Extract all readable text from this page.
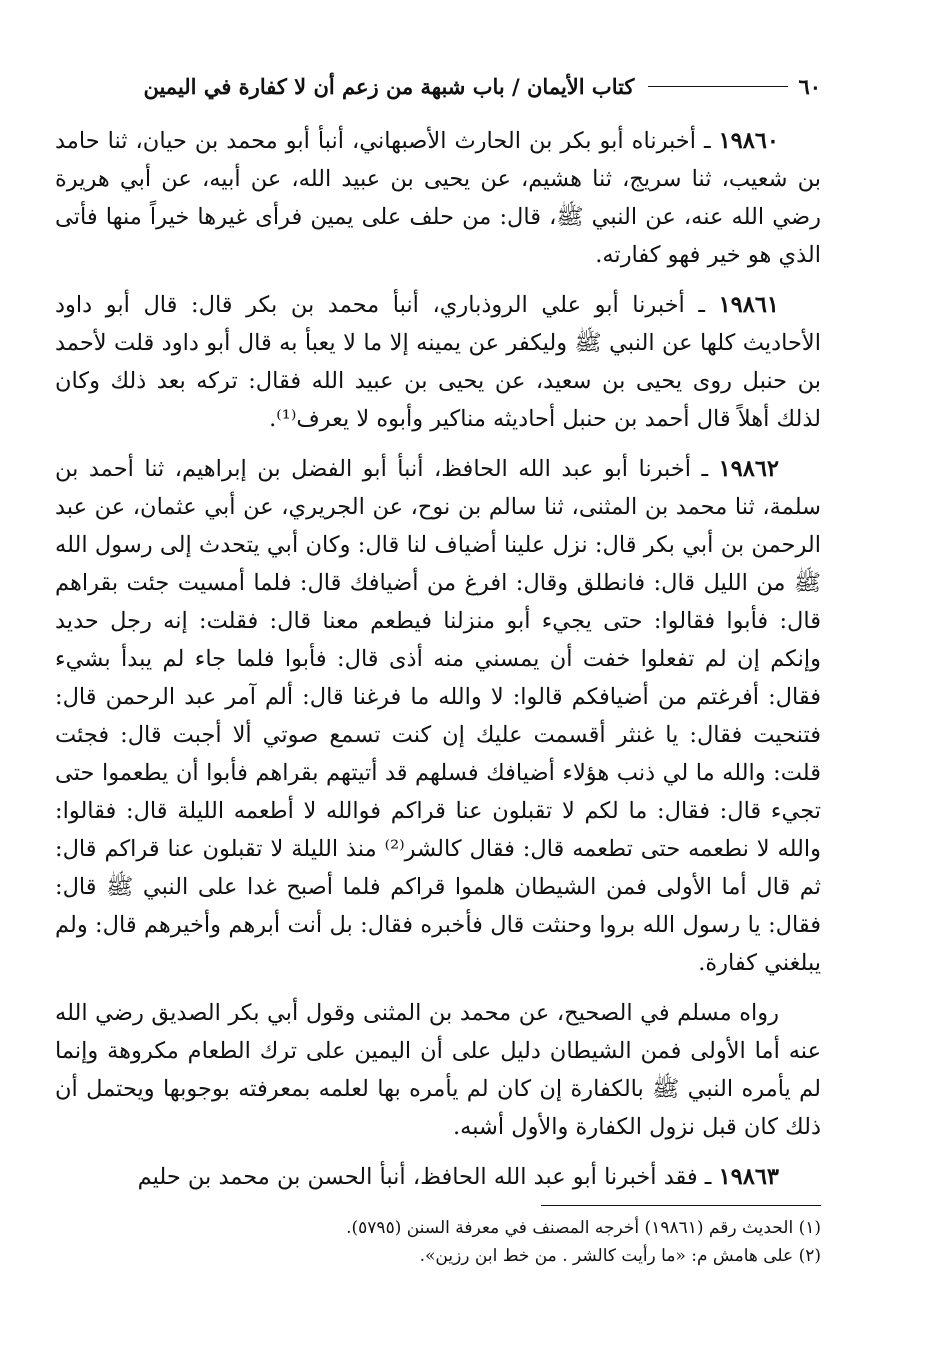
٦٠
كتاب الأيمان / باب شبهة من زعم أن لا كفارة في اليمين

١٩٨٦٠ ـ أخبرناه أبو بكر بن الحارث الأصبهاني، أنبأ أبو محمد بن حيان، ثنا حامد بن شعيب، ثنا سريج، ثنا هشيم، عن يحيى بن عبيد الله، عن أبيه، عن أبي هريرة رضي الله عنه، عن النبي ﷺ، قال: من حلف على يمين فرأى غيرها خيراً منها فأتى الذي هو خير فهو كفارته.

١٩٨٦١ ـ أخبرنا أبو علي الروذباري، أنبأ محمد بن بكر قال: قال أبو داود الأحاديث كلها عن النبي ﷺ وليكفر عن يمينه إلا ما لا يعبأ به قال أبو داود قلت لأحمد بن حنبل روى يحيى بن سعيد، عن يحيى بن عبيد الله فقال: تركه بعد ذلك وكان لذلك أهلاً قال أحمد بن حنبل أحاديثه مناكير وأبوه لا يعرف⁽¹⁾.

١٩٨٦٢ ـ أخبرنا أبو عبد الله الحافظ، أنبأ أبو الفضل بن إبراهيم، ثنا أحمد بن سلمة، ثنا محمد بن المثنى، ثنا سالم بن نوح، عن الجريري، عن أبي عثمان، عن عبد الرحمن بن أبي بكر قال: نزل علينا أضياف لنا قال: وكان أبي يتحدث إلى رسول الله ﷺ من الليل قال: فانطلق وقال: افرغ من أضيافك قال: فلما أمسيت جئت بقراهم قال: فأبوا فقالوا: حتى يجيء أبو منزلنا فيطعم معنا قال: فقلت: إنه رجل حديد وإنكم إن لم تفعلوا خفت أن يمسني منه أذى قال: فأبوا فلما جاء لم يبدأ بشيء فقال: أفرغتم من أضيافكم قالوا: لا والله ما فرغنا قال: ألم آمر عبد الرحمن قال: فتنحيت فقال: يا غنثر أقسمت عليك إن كنت تسمع صوتي ألا أجبت قال: فجئت قلت: والله ما لي ذنب هؤلاء أضيافك فسلهم قد أتيتهم بقراهم فأبوا أن يطعموا حتى تجيء قال: فقال: ما لكم لا تقبلون عنا قراكم فوالله لا أطعمه الليلة قال: فقالوا: والله لا نطعمه حتى تطعمه قال: فقال كالشر⁽²⁾ منذ الليلة لا تقبلون عنا قراكم قال: ثم قال أما الأولى فمن الشيطان هلموا قراكم فلما أصبح غدا على النبي ﷺ قال: فقال: يا رسول الله بروا وحنثت قال فأخبره فقال: بل أنت أبرهم وأخيرهم قال: ولم يبلغني كفارة.

رواه مسلم في الصحيح، عن محمد بن المثنى وقول أبي بكر الصديق رضي الله عنه أما الأولى فمن الشيطان دليل على أن اليمين على ترك الطعام مكروهة وإنما لم يأمره النبي ﷺ بالكفارة إن كان لم يأمره بها لعلمه بمعرفته بوجوبها ويحتمل أن ذلك كان قبل نزول الكفارة والأول أشبه.

١٩٨٦٣ ـ فقد أخبرنا أبو عبد الله الحافظ، أنبأ الحسن بن محمد بن حليم

(١) الحديث رقم (١٩٨٦١) أخرجه المصنف في معرفة السنن (٥٧٩٥).

(٢) على هامش م: «ما رأيت كالشر . من خط ابن رزين».
